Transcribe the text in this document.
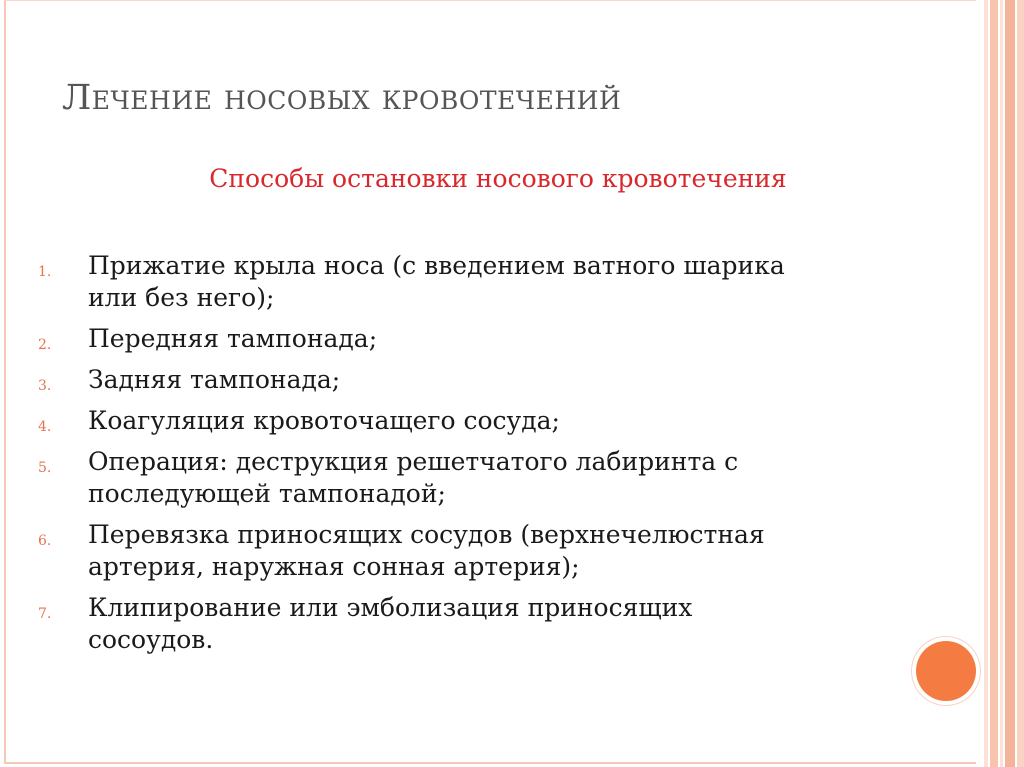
Лечение носовых кровотечений
Способы остановки носового кровотечения
1.	Прижатие крыла носа (с введением ватного шарика
или без него);
2.	Передняя тампонада;
3.	Задняя тампонада;
4.	Коагуляция кровоточащего сосуда;
5.	Операция: деструкция решетчатого лабиринта с
последующей тампонадой;
6.	Перевязка приносящих сосудов (верхнечелюстная
артерия, наружная сонная артерия);
7.	Клипирование или эмболизация приносящих
сосоудов.
